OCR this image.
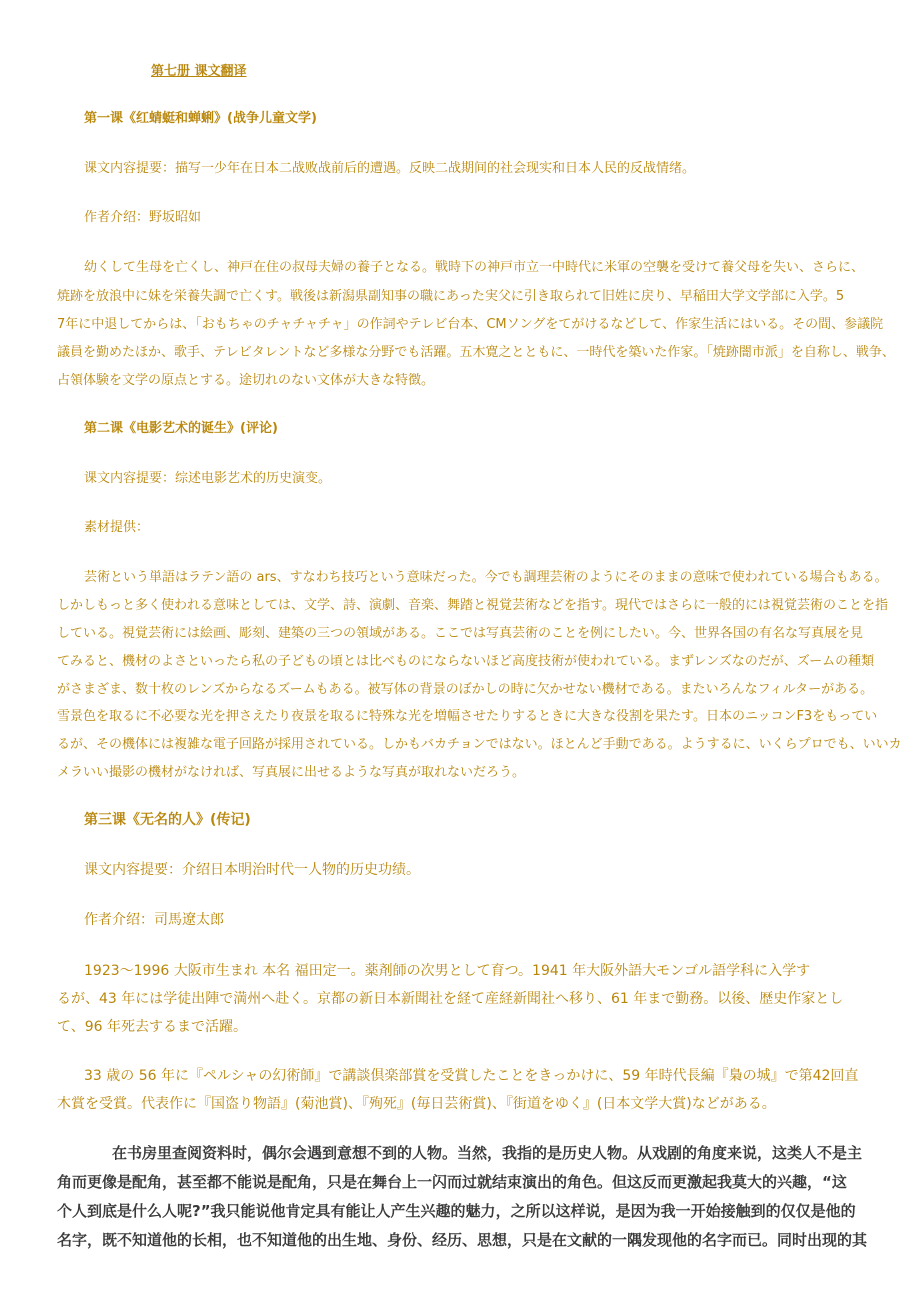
第七册 课文翻译

第一课《红蜻蜓和蝉蜊》(战争儿童文学)

课文内容提要：描写一少年在日本二战败战前后的遭遇。反映二战期间的社会现实和日本人民的反战情绪。

作者介绍：野坂昭如

幼くして生母を亡くし、神戸在住の叔母夫婦の養子となる。戦時下の神戸市立一中時代に米軍の空襲を受けて養父母を失い、さらに、

焼跡を放浪中に妹を栄養失調で亡くす。戦後は新潟県副知事の職にあった実父に引き取られて旧姓に戻り、早稲田大学文学部に入学。5

7年に中退してからは、「おもちゃのチャチャチャ」の作詞やテレビ台本、CMソングをてがけるなどして、作家生活にはいる。その間、参議院

議員を勤めたほか、歌手、テレビタレントなど多様な分野でも活躍。五木寛之とともに、一時代を築いた作家。「焼跡闇市派」を自称し、戦争、

占領体験を文学の原点とする。途切れのない文体が大きな特徴。

第二课《电影艺术的诞生》(评论)

课文内容提要：综述电影艺术的历史演变。

素材提供：

芸術という単語はラテン語の ars、すなわち技巧という意味だった。今でも調理芸術のようにそのままの意味で使われている場合もある。

しかしもっと多く使われる意味としては、文学、詩、演劇、音楽、舞踏と視覚芸術などを指す。現代ではさらに一般的には視覚芸術のことを指

している。視覚芸術には絵画、彫刻、建築の三つの領域がある。ここでは写真芸術のことを例にしたい。今、世界各国の有名な写真展を見

てみると、機材のよさといったら私の子どもの頃とは比べものにならないほど高度技術が使われている。まずレンズなのだが、ズームの種類

がさまざま、数十枚のレンズからなるズームもある。被写体の背景のぼかしの時に欠かせない機材である。またいろんなフィルターがある。

雪景色を取るに不必要な光を押さえたり夜景を取るに特殊な光を増幅させたりするときに大きな役割を果たす。日本のニッコンF3をもってい

るが、その機体には複雑な電子回路が採用されている。しかもバカチョンではない。ほとんど手動である。ようするに、いくらプロでも、いいカ

メラいい撮影の機材がなければ、写真展に出せるような写真が取れないだろう。

第三课《无名的人》(传记)

课文内容提要：介绍日本明治时代一人物的历史功绩。

作者介绍：司馬遼太郎

1923～1996 大阪市生まれ 本名 福田定一。薬剤師の次男として育つ。1941 年大阪外語大モンゴル語学科に入学す

るが、43 年には学徒出陣で満州へ赴く。京都の新日本新聞社を経て産経新聞社へ移り、61 年まで勤務。以後、歴史作家とし

て、96 年死去するまで活躍。

33 歳の 56 年に『ペルシャの幻術師』で講談倶楽部賞を受賞したことをきっかけに、59 年時代長編『梟の城』で第42回直

木賞を受賞。代表作に『国盗り物語』(菊池賞)、『殉死』(毎日芸術賞)、『街道をゆく』(日本文学大賞)などがある。

在书房里查阅资料时，偶尔会遇到意想不到的人物。当然，我指的是历史人物。从戏剧的角度来说，这类人不是主

角而更像是配角，甚至都不能说是配角，只是在舞台上一闪而过就结束演出的角色。但这反而更激起我莫大的兴趣，“这

个人到底是什么人呢?”我只能说他肯定具有能让人产生兴趣的魅力，之所以这样说，是因为我一开始接触到的仅仅是他的

名字，既不知道他的长相，也不知道他的出生地、身份、经历、思想，只是在文献的一隅发现他的名字而已。同时出现的其
